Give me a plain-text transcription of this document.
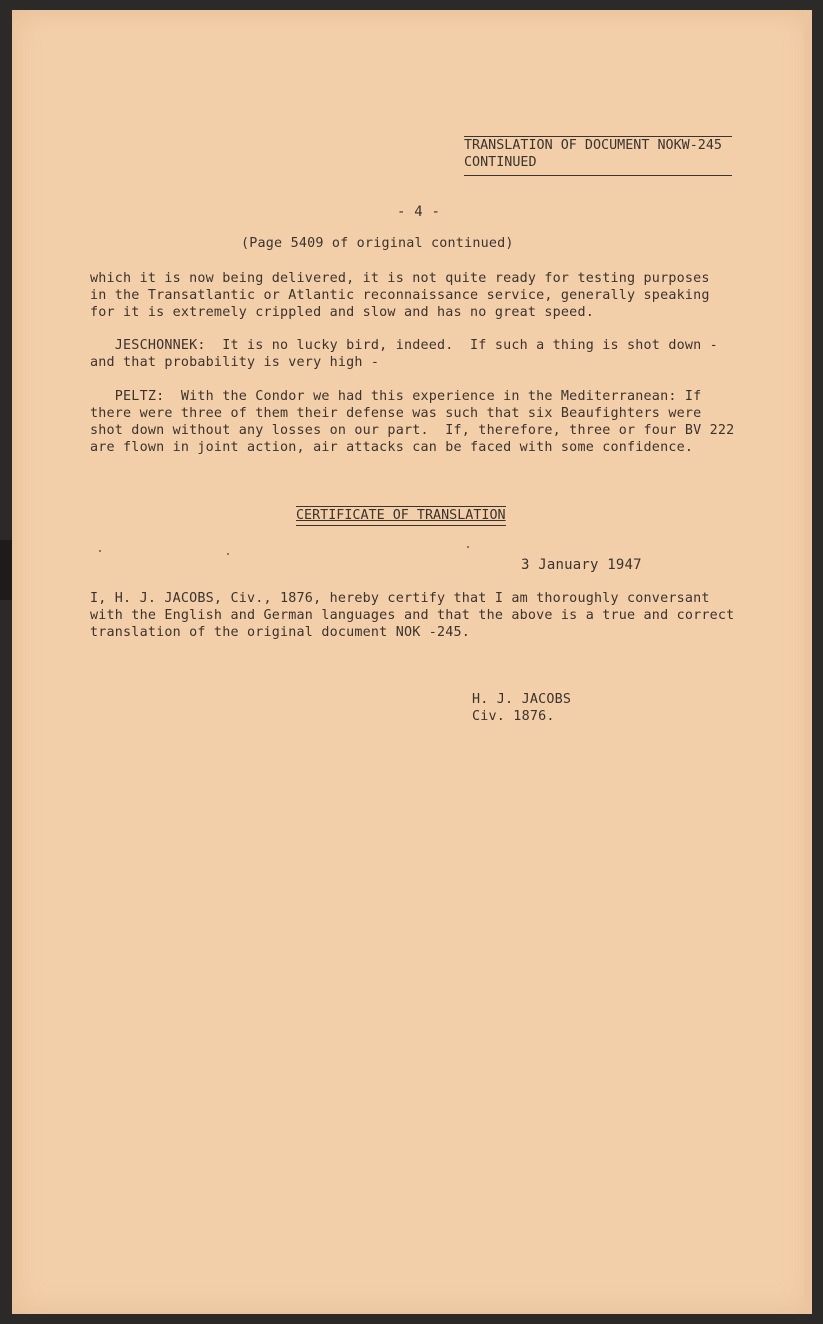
TRANSLATION OF DOCUMENT NOKW-245
CONTINUED
- 4 -
(Page 5409 of original continued)
which it is now being delivered, it is not quite ready for testing purposes
in the Transatlantic or Atlantic reconnaissance service, generally speaking
for it is extremely crippled and slow and has no great speed.
JESCHONNEK:  It is no lucky bird, indeed.  If such a thing is shot down -
and that probability is very high -
PELTZ:  With the Condor we had this experience in the Mediterranean: If
there were three of them their defense was such that six Beaufighters were
shot down without any losses on our part.  If, therefore, three or four BV 222
are flown in joint action, air attacks can be faced with some confidence.
CERTIFICATE OF TRANSLATION
3 January 1947
I, H. J. JACOBS, Civ., 1876, hereby certify that I am thoroughly conversant
with the English and German languages and that the above is a true and correct
translation of the original document NOK -245.
H. J. JACOBS
Civ. 1876.
